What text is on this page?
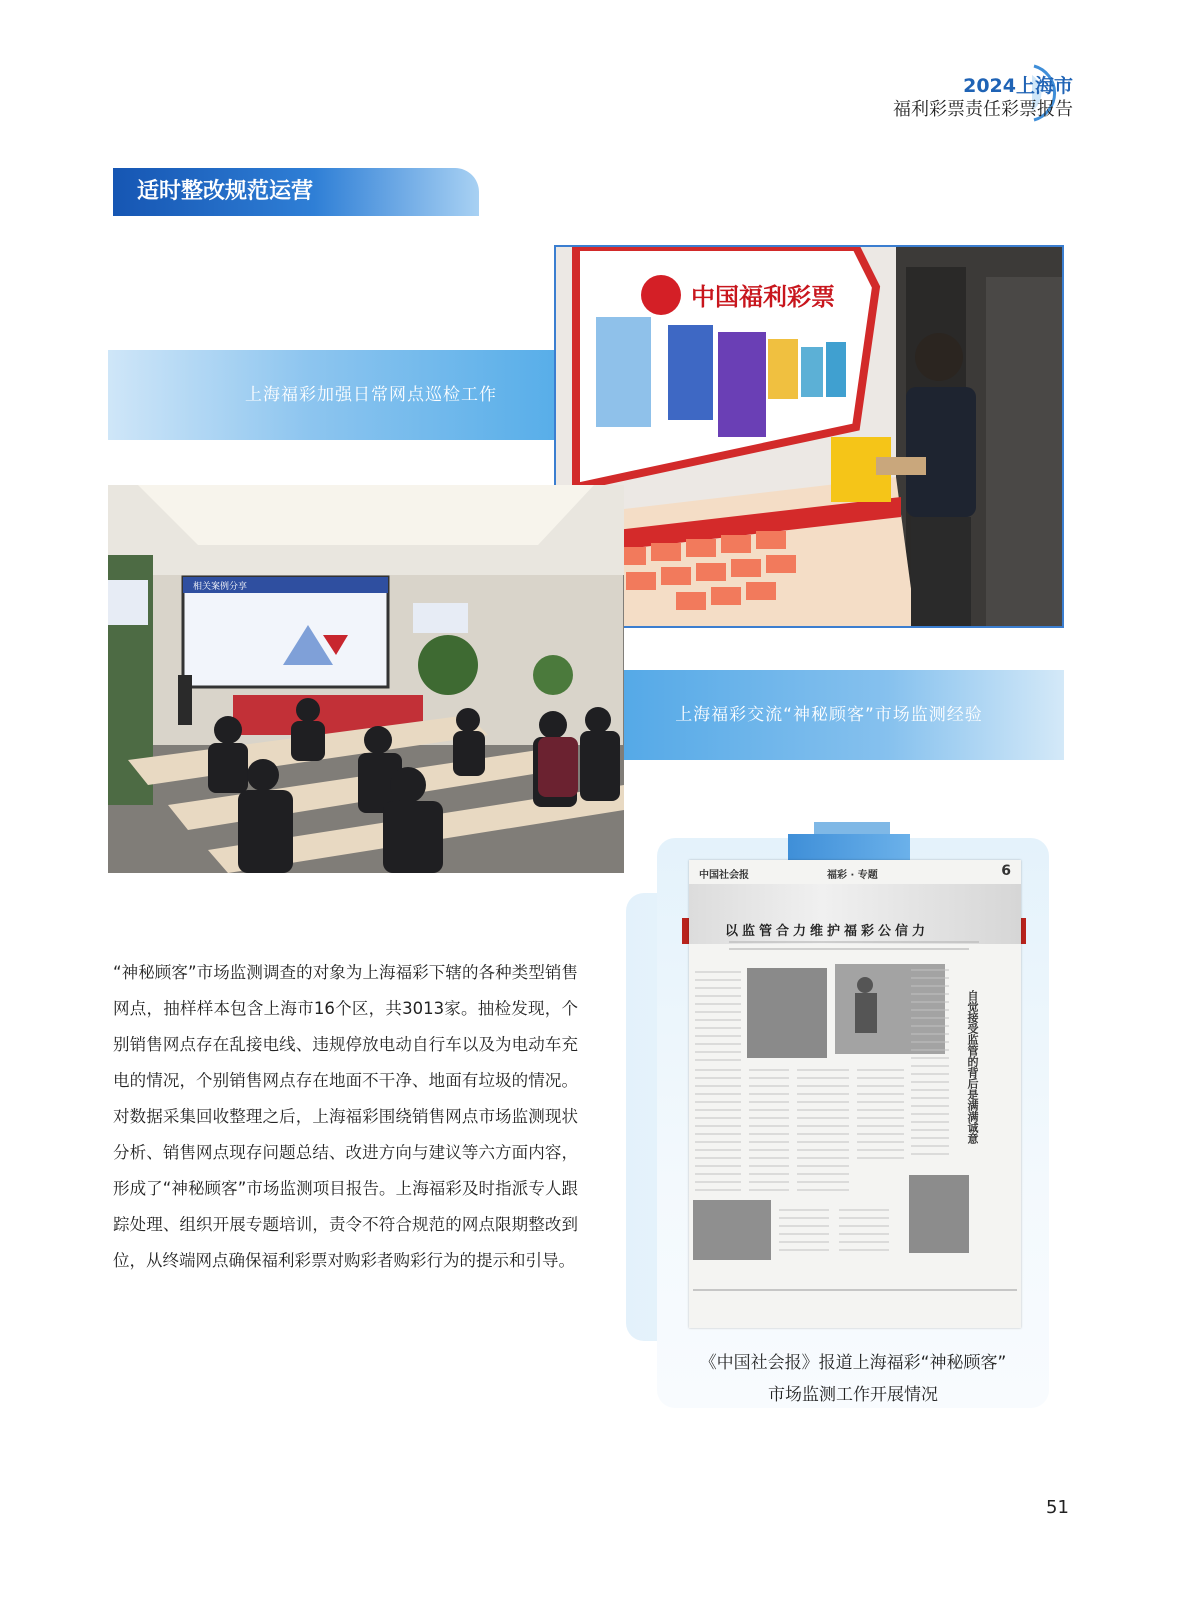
2024上海市
福利彩票责任彩票报告
适时整改规范运营
中国福利彩票
上海福彩加强日常网点巡检工作
相关案例分享
上海福彩交流“神秘顾客”市场监测经验
“神秘顾客”市场监测调查的对象为上海福彩下辖的各种类型销售网点，抽样样本包含上海市16个区，共3013家。抽检发现，个别销售网点存在乱接电线、违规停放电动自行车以及为电动车充电的情况，个别销售网点存在地面不干净、地面有垃圾的情况。对数据采集回收整理之后，上海福彩围绕销售网点市场监测现状分析、销售网点现存问题总结、改进方向与建议等六方面内容，形成了“神秘顾客”市场监测项目报告。上海福彩及时指派专人跟踪处理、组织开展专题培训，责令不符合规范的网点限期整改到位，从终端网点确保福利彩票对购彩者购彩行为的提示和引导。
中国社会报	福彩 · 专题	6
以监管合力维护福彩公信力
自觉接受监管的背后是满满诚意
《中国社会报》报道上海福彩“神秘顾客”
市场监测工作开展情况
51
